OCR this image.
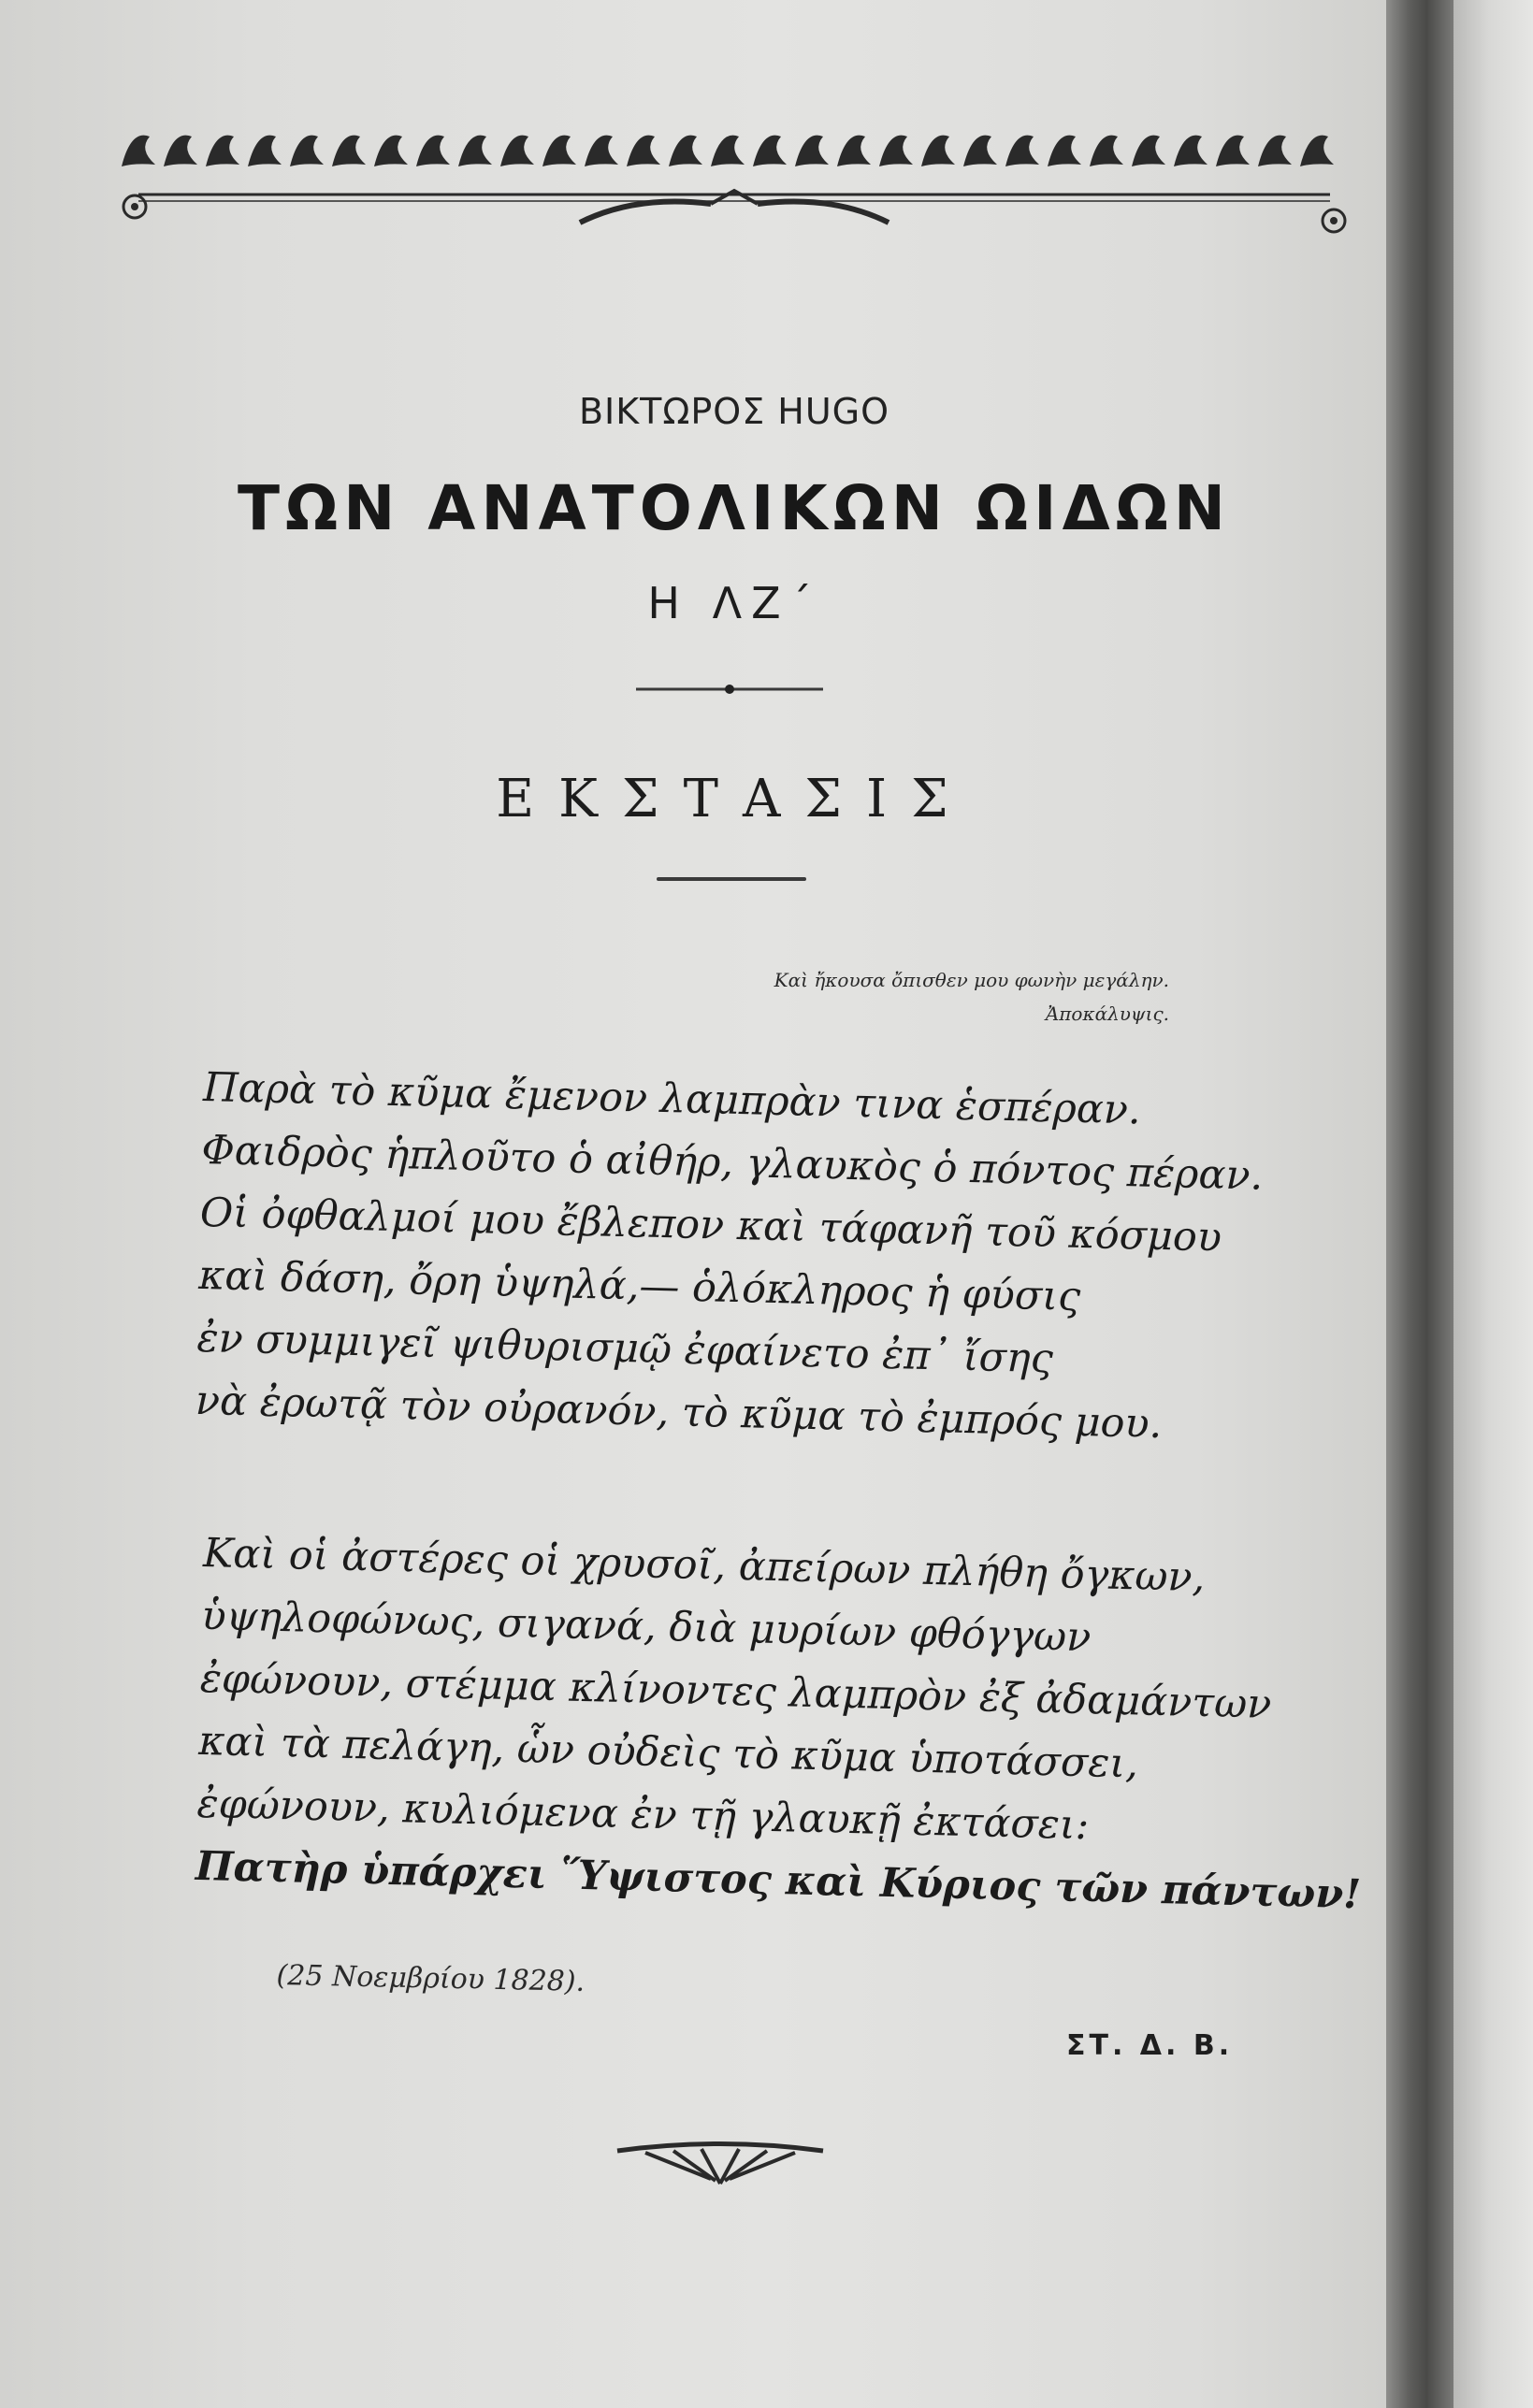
ΒΙΚΤΩΡΟΣ HUGO
ΤΩΝ ΑΝΑΤΟΛΙΚΩΝ ΩΙΔΩΝ
Η ΛΖ΄
ΕΚΣΤΑΣΙΣ
Καὶ ἤκουσα ὄπισθεν μου φωνὴν μεγάλην.
Ἀποκάλυψις.
Παρὰ τὸ κῦμα ἔμενον λαμπρὰν τινα ἑσπέραν.
Φαιδρὸς ἡπλοῦτο ὁ αἰθήρ, γλαυκὸς ὁ πόντος πέραν.
Οἱ ὀφθαλμοί μου ἔβλεπον καὶ τάφανῆ τοῦ κόσμου
καὶ δάση, ὄρη ὑψηλά,— ὁλόκληρος ἡ φύσις
ἐν συμμιγεῖ ψιθυρισμῷ ἐφαίνετο ἐπ᾽ ἴσης
νὰ ἐρωτᾷ τὸν οὐρανόν, τὸ κῦμα τὸ ἐμπρός μου.
Καὶ οἱ ἀστέρες οἱ χρυσοῖ, ἀπείρων πλήθη ὄγκων,
ὑψηλοφώνως, σιγανά, διὰ μυρίων φθόγγων
ἐφώνουν, στέμμα κλίνοντες λαμπρὸν ἐξ ἀδαμάντων
καὶ τὰ πελάγη, ὧν οὐδεὶς τὸ κῦμα ὑποτάσσει,
ἐφώνουν, κυλιόμενα ἐν τῇ γλαυκῇ ἐκτάσει:
Πατὴρ ὑπάρχει Ὕψιστος καὶ Κύριος τῶν πάντων!
(25 Νοεμβρίου 1828).
ΣΤ. Δ. Β.
